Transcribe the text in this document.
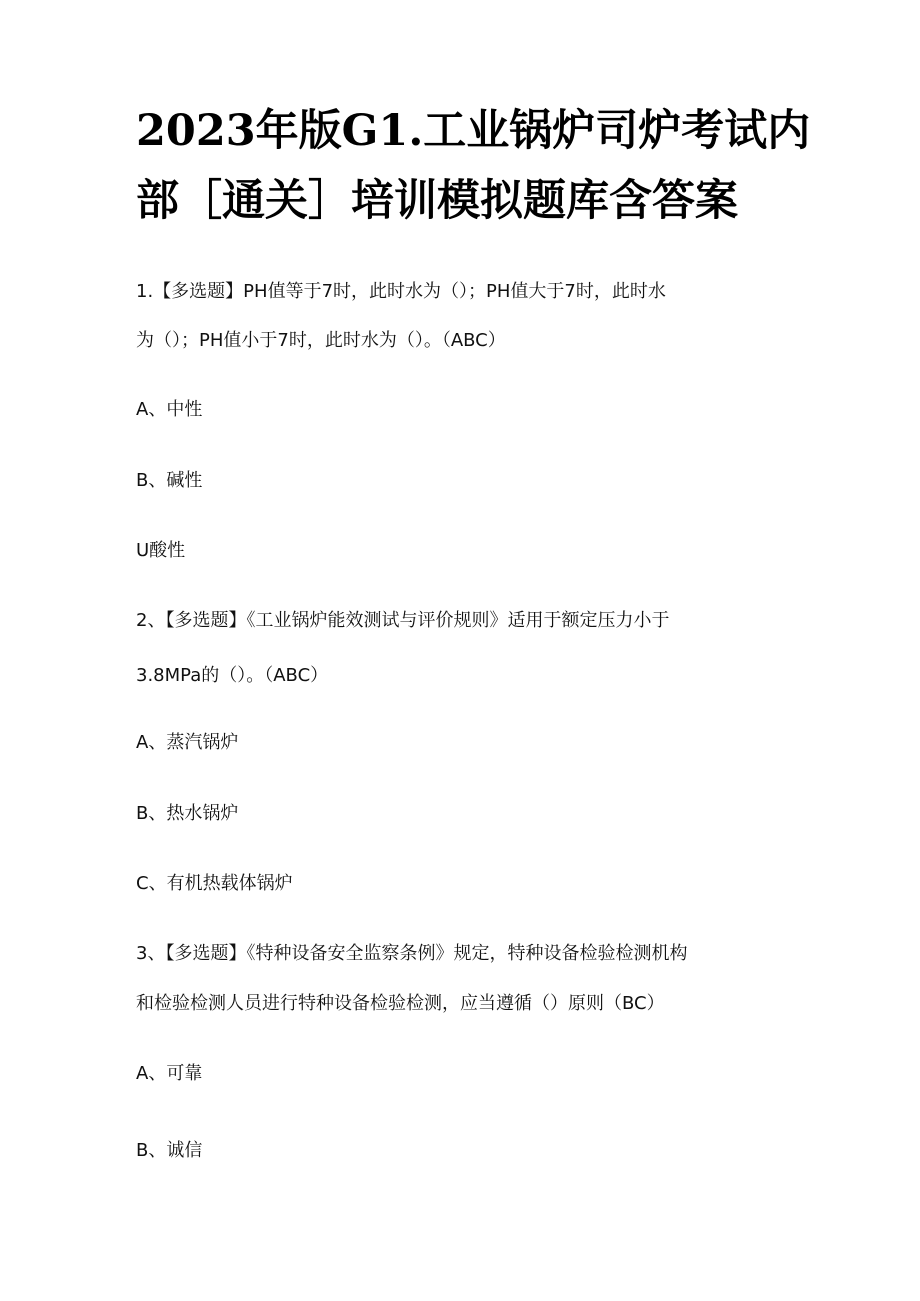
2023年版G1.工业锅炉司炉考试内
部［通关］培训模拟题库含答案

1.【多选题】PH值等于7时，此时水为（）；PH值大于7时，此时水

为（）；PH值小于7时，此时水为（）。（ABC）

A、中性

B、碱性

U酸性

2、【多选题】《工业锅炉能效测试与评价规则》适用于额定压力小于

3.8MPa的（）。（ABC）

A、蒸汽锅炉

B、热水锅炉

C、有机热载体锅炉

3、【多选题】《特种设备安全监察条例》规定，特种设备检验检测机构

和检验检测人员进行特种设备检验检测，应当遵循（）原则（BC）

A、可靠

B、诚信
